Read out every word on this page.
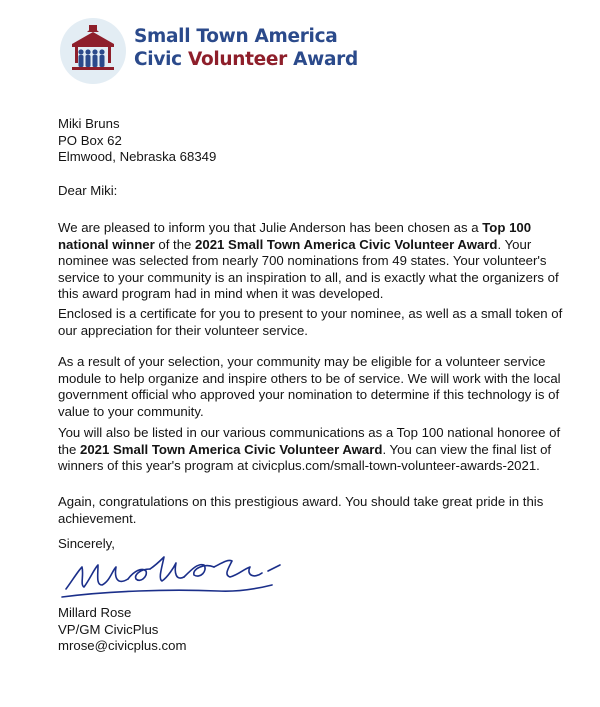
Small Town America
Civic Volunteer Award
Miki Bruns
PO Box 62
Elmwood, Nebraska 68349
Dear Miki:
We are pleased to inform you that Julie Anderson has been chosen as a Top 100
national winner of the 2021 Small Town America Civic Volunteer Award. Your
nominee was selected from nearly 700 nominations from 49 states. Your volunteer's
service to your community is an inspiration to all, and is exactly what the organizers of
this award program had in mind when it was developed.
Enclosed is a certificate for you to present to your nominee, as well as a small token of
our appreciation for their volunteer service.
As a result of your selection, your community may be eligible for a volunteer service
module to help organize and inspire others to be of service. We will work with the local
government official who approved your nomination to determine if this technology is of
value to your community.
You will also be listed in our various communications as a Top 100 national honoree of
the 2021 Small Town America Civic Volunteer Award. You can view the final list of
winners of this year's program at civicplus.com/small-town-volunteer-awards-2021.
Again, congratulations on this prestigious award. You should take great pride in this
achievement.
Sincerely,
Millard Rose
VP/GM CivicPlus
mrose@civicplus.com
